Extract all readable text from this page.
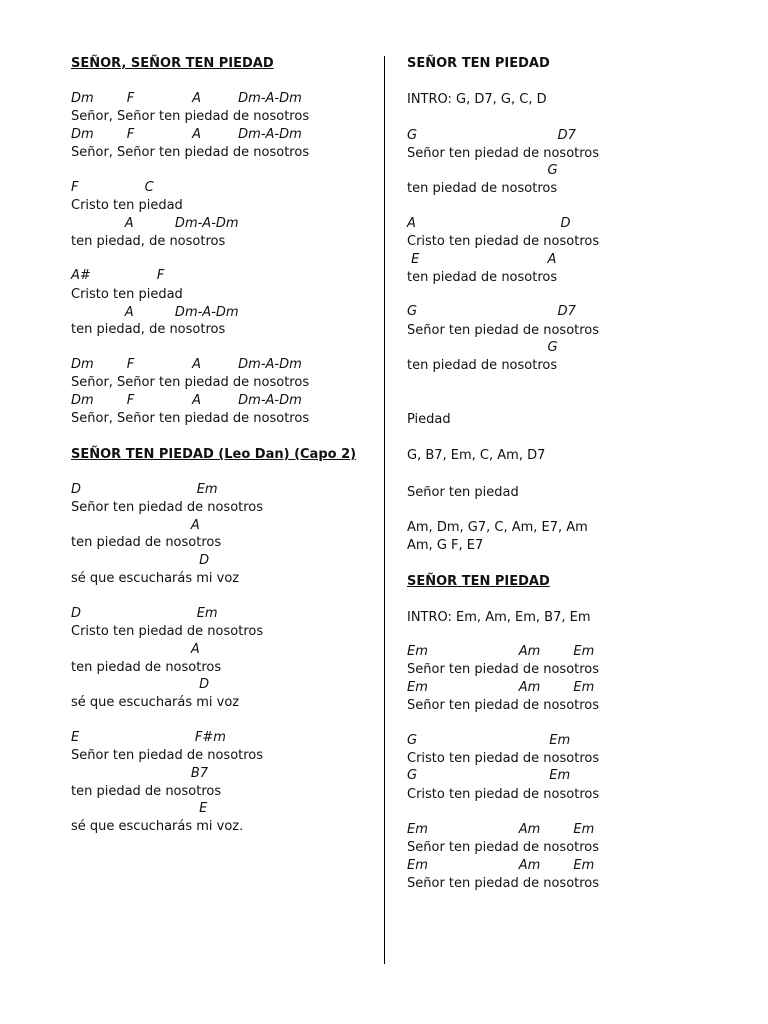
SEÑOR, SEÑOR TEN PIEDAD
Dm        F              A         Dm-A-Dm
Señor, Señor ten piedad de nosotros
Dm        F              A         Dm-A-Dm
Señor, Señor ten piedad de nosotros
F                C
Cristo ten piedad
A          Dm-A-Dm
ten piedad, de nosotros
A#                F
Cristo ten piedad
A          Dm-A-Dm
ten piedad, de nosotros
Dm        F              A         Dm-A-Dm
Señor, Señor ten piedad de nosotros
Dm        F              A         Dm-A-Dm
Señor, Señor ten piedad de nosotros
SEÑOR TEN PIEDAD (Leo Dan) (Capo 2)
D                            Em
Señor ten piedad de nosotros
A
ten piedad de nosotros
D
sé que escucharás mi voz
D                            Em
Cristo ten piedad de nosotros
A
ten piedad de nosotros
D
sé que escucharás mi voz
E                            F#m
Señor ten piedad de nosotros
B7
ten piedad de nosotros
E
sé que escucharás mi voz.
SEÑOR TEN PIEDAD
INTRO: G, D7, G, C, D
G                                  D7
Señor ten piedad de nosotros
G
ten piedad de nosotros
A                                   D
Cristo ten piedad de nosotros
E                               A
ten piedad de nosotros
G                                  D7
Señor ten piedad de nosotros
G
ten piedad de nosotros
Piedad
G, B7, Em, C, Am, D7
Señor ten piedad
Am, Dm, G7, C, Am, E7, Am
Am, G F, E7
SEÑOR TEN PIEDAD
INTRO: Em, Am, Em, B7, Em
Em                      Am        Em
Señor ten piedad de nosotros
Em                      Am        Em
Señor ten piedad de nosotros
G                                Em
Cristo ten piedad de nosotros
G                                Em
Cristo ten piedad de nosotros
Em                      Am        Em
Señor ten piedad de nosotros
Em                      Am        Em
Señor ten piedad de nosotros
